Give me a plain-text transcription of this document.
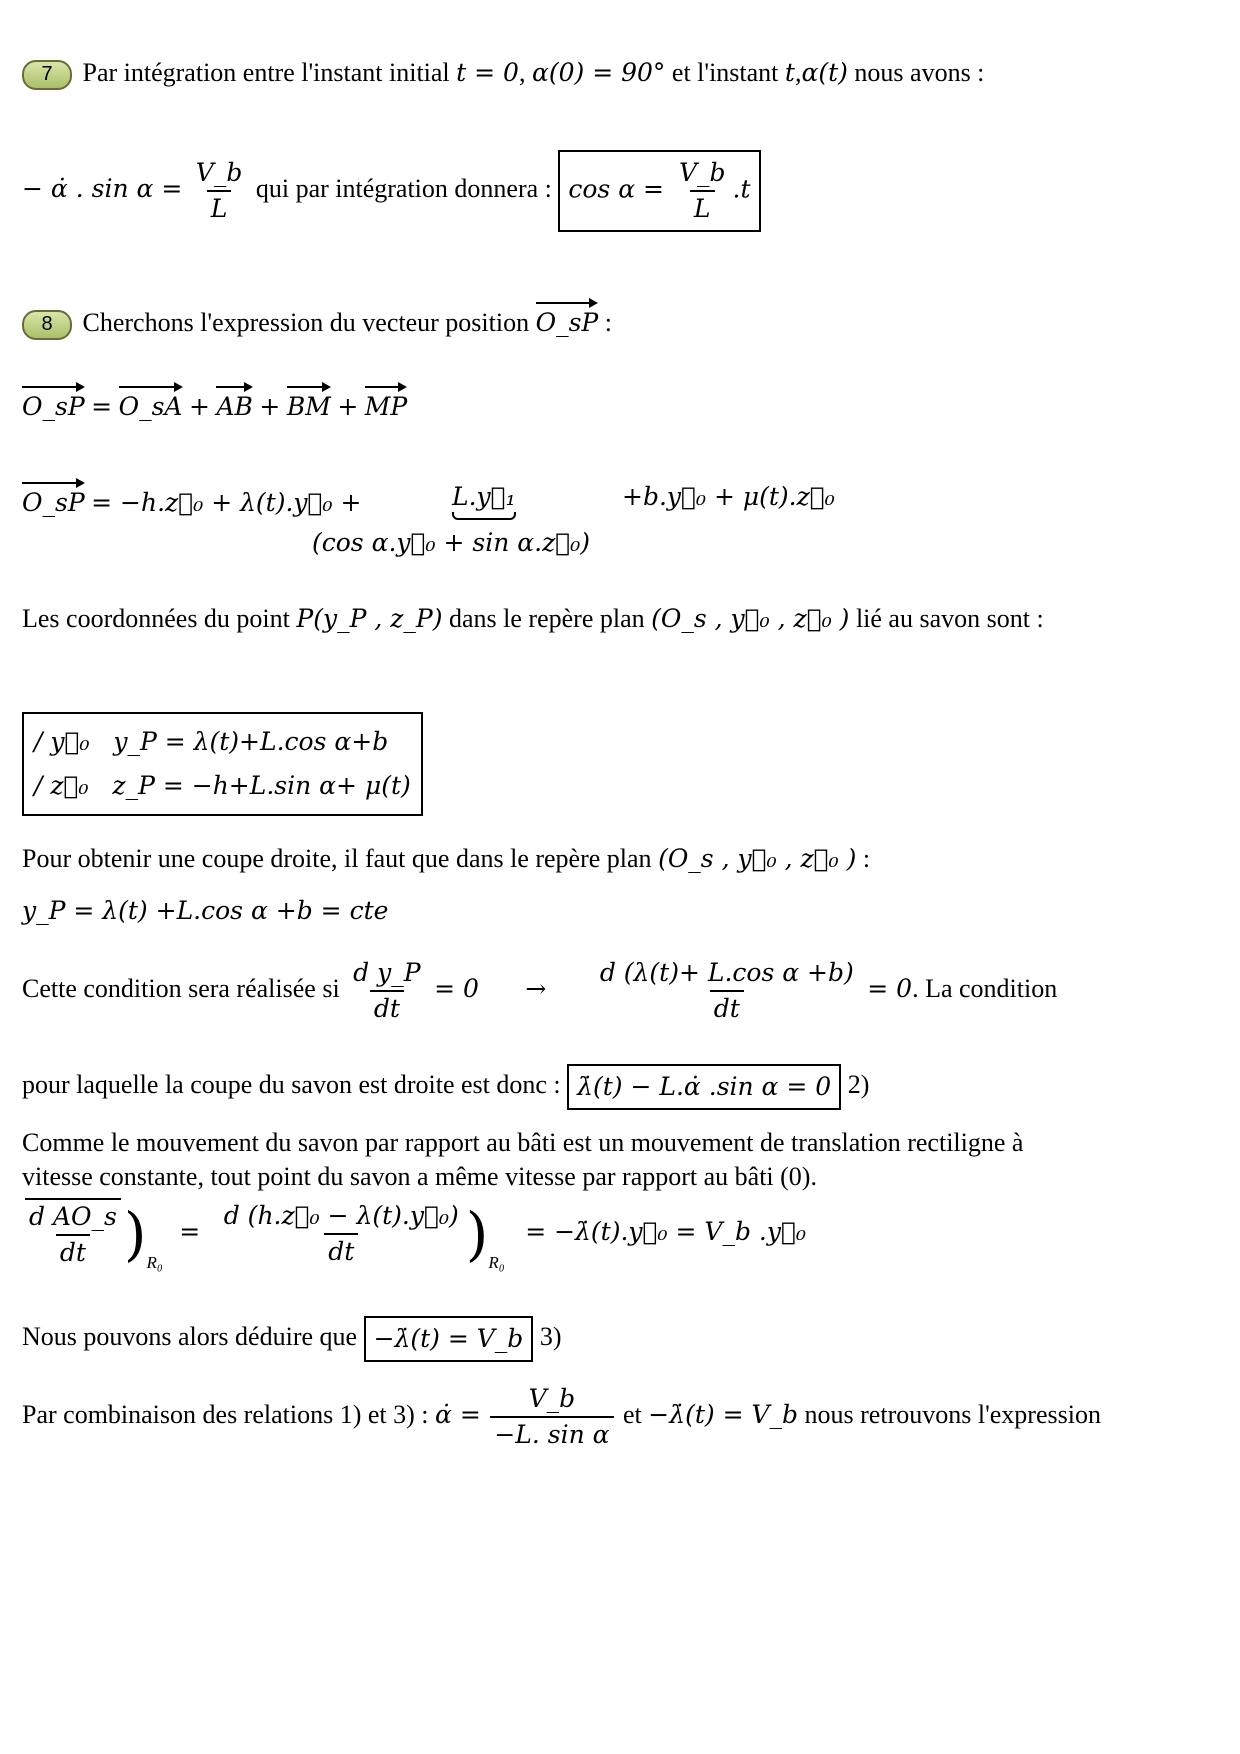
7 Par intégration entre l'instant initial t = 0, α(0) = 90° et l'instant t,α(t) nous avons :
− α̇ . $\sin \alpha = \frac{V\_b}{L}$ qui par intégration donnera : $\cos \alpha = \frac{V\_b}{L} .t$
8 Cherchons l'expression du vecteur position O_sP :
O_sP = O_sA + AB + BM + MP
O_sP = −h.z⃗₀ + λ(t).y⃗₀ +	L.y⃗₁
(cos α.y⃗₀ + sin α.z⃗₀)
+b.y⃗₀ + μ(t).z⃗₀
Les coordonnées du point P(y_P , z_P) dans le repère plan (O_s , y⃗₀ , z⃗₀ ) lié au savon sont :
/ y⃗₀ y_P = λ(t)+L.cos α+b
/ z⃗₀ z_P = −h+L.sin α+ μ(t)
Pour obtenir une coupe droite, il faut que dans le repère plan (O_s , y⃗₀ , z⃗₀ ) :
y_P = λ(t) +L.cos α +b = cte
Cette condition sera réalisée si $\frac{\text{d y\_P}}{dt} = 0 \to \frac{\text{d (λ(t)+ L.cos α +b)}}{dt} = 0$. La condition
pour laquelle la coupe du savon est droite est donc : λ̇(t) − L.α̇ .sin α = 0 2)
Comme le mouvement du savon par rapport au bâti est un mouvement de translation rectiligne à
vitesse constante, tout point du savon a même vitesse par rapport au bâti (0).
$\frac{\text{d AO\_s}}{dt} )_{R_0} = \frac{\text{d (h.z⃗₀ − λ(t).y⃗₀)}}{dt} )_{R_0}$ = −λ̇(t).y⃗₀ = V_b .y⃗₀
Nous pouvons alors déduire que −λ̇(t) = V_b 3)
Par combinaison des relations 1) et 3) : α̇ = $\frac{V\_b}{\text{−L. sin α}}$ et −λ̇(t) = V_b nous retrouvons l'expression
